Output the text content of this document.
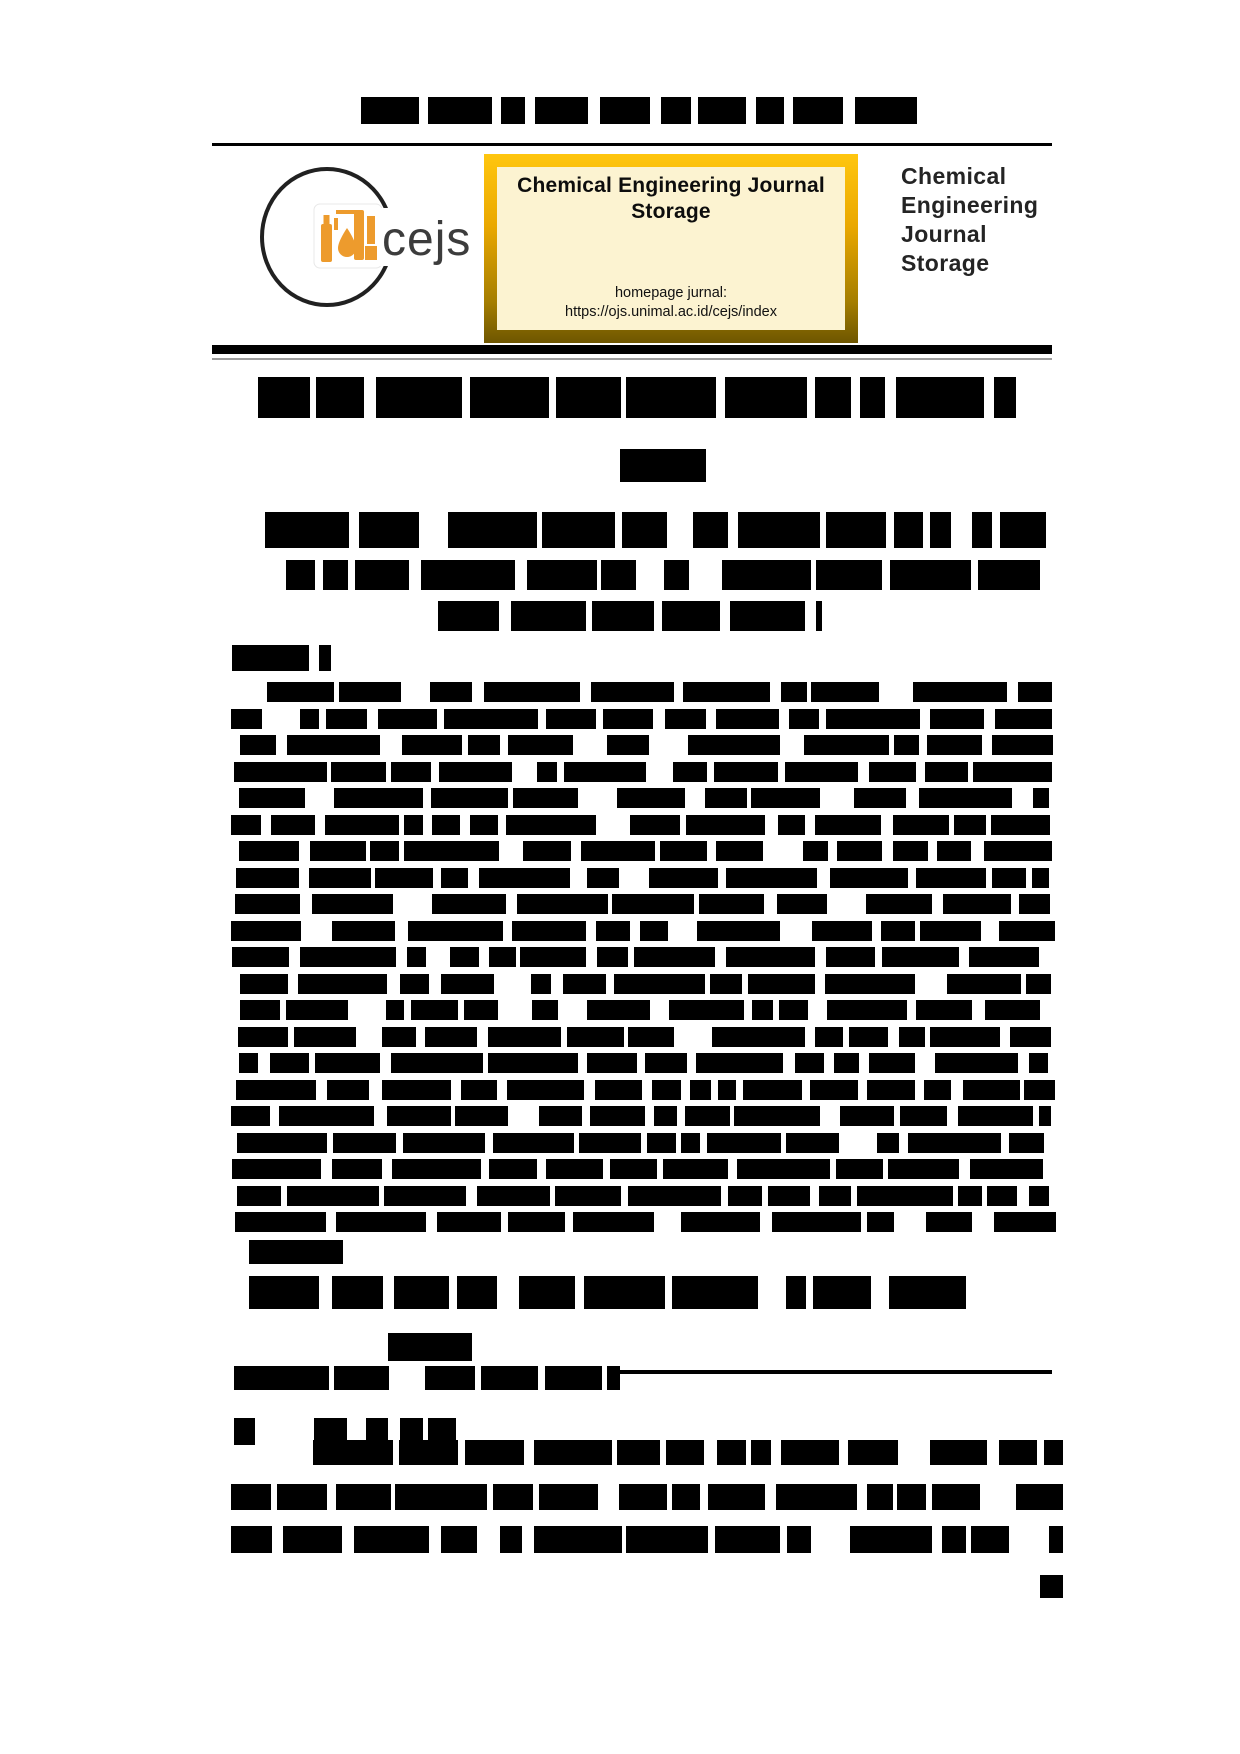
cejs
Chemical Engineering Journal Storage
homepage jurnal:
https://ojs.unimal.ac.id/cejs/index
Chemical
Engineering
Journal
Storage
